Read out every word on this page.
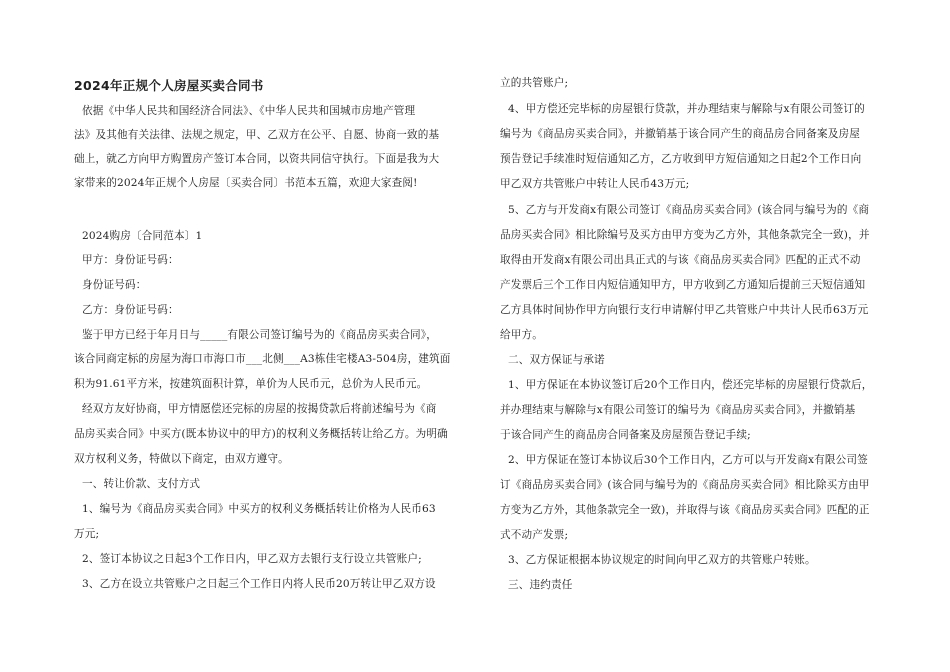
2024年正规个人房屋买卖合同书
依据《中华人民共和国经济合同法》、《中华人民共和国城市房地产管理
法》及其他有关法律、法规之规定，甲、乙双方在公平、自愿、协商一致的基
础上，就乙方向甲方购置房产签订本合同，以资共同信守执行。下面是我为大
家带来的2024年正规个人房屋〔买卖合同〕书范本五篇，欢迎大家查阅!
2024购房〔合同范本〕1
甲方：身份证号码：
身份证号码：
乙方：身份证号码：
鉴于甲方已经于年月日与_____有限公司签订编号为的《商品房买卖合同》，
该合同商定标的房屋为海口市海口市___北侧___A3栋佳宅楼A3-504房，建筑面
积为91.61平方米，按建筑面积计算，单价为人民币元，总价为人民币元。
经双方友好协商，甲方情愿偿还完标的房屋的按揭贷款后将前述编号为《商
品房买卖合同》中买方(既本协议中的甲方)的权利义务概括转让给乙方。为明确
双方权利义务，特做以下商定，由双方遵守。
一、转让价款、支付方式
1、编号为《商品房买卖合同》中买方的权利义务概括转让价格为人民币63
万元;
2、签订本协议之日起3个工作日内，甲乙双方去银行支行设立共管账户;
3、乙方在设立共管账户之日起三个工作日内将人民币20万转让甲乙双方设
立的共管账户;
4、甲方偿还完毕标的房屋银行贷款，并办理结束与解除与x有限公司签订的
编号为《商品房买卖合同》，并撤销基于该合同产生的商品房合同备案及房屋
预告登记手续准时短信通知乙方，乙方收到甲方短信通知之日起2个工作日向
甲乙双方共管账户中转让人民币43万元;
5、乙方与开发商x有限公司签订《商品房买卖合同》(该合同与编号为的《商
品房买卖合同》相比除编号及买方由甲方变为乙方外，其他条款完全一致)，并
取得由开发商x有限公司出具正式的与该《商品房买卖合同》匹配的正式不动
产发票后三个工作日内短信通知甲方，甲方收到乙方通知后提前三天短信通知
乙方具体时间协作甲方向银行支行申请解付甲乙共管账户中共计人民币63万元
给甲方。
二、双方保证与承诺
1、甲方保证在本协议签订后20个工作日内，偿还完毕标的房屋银行贷款后，
并办理结束与解除与x有限公司签订的编号为《商品房买卖合同》，并撤销基
于该合同产生的商品房合同备案及房屋预告登记手续;
2、甲方保证在签订本协议后30个工作日内，乙方可以与开发商x有限公司签
订《商品房买卖合同》(该合同与编号为的《商品房买卖合同》相比除买方由甲
方变为乙方外，其他条款完全一致)，并取得与该《商品房买卖合同》匹配的正
式不动产发票;
3、乙方保证根据本协议规定的时间向甲乙双方的共管账户转账。
三、违约责任
